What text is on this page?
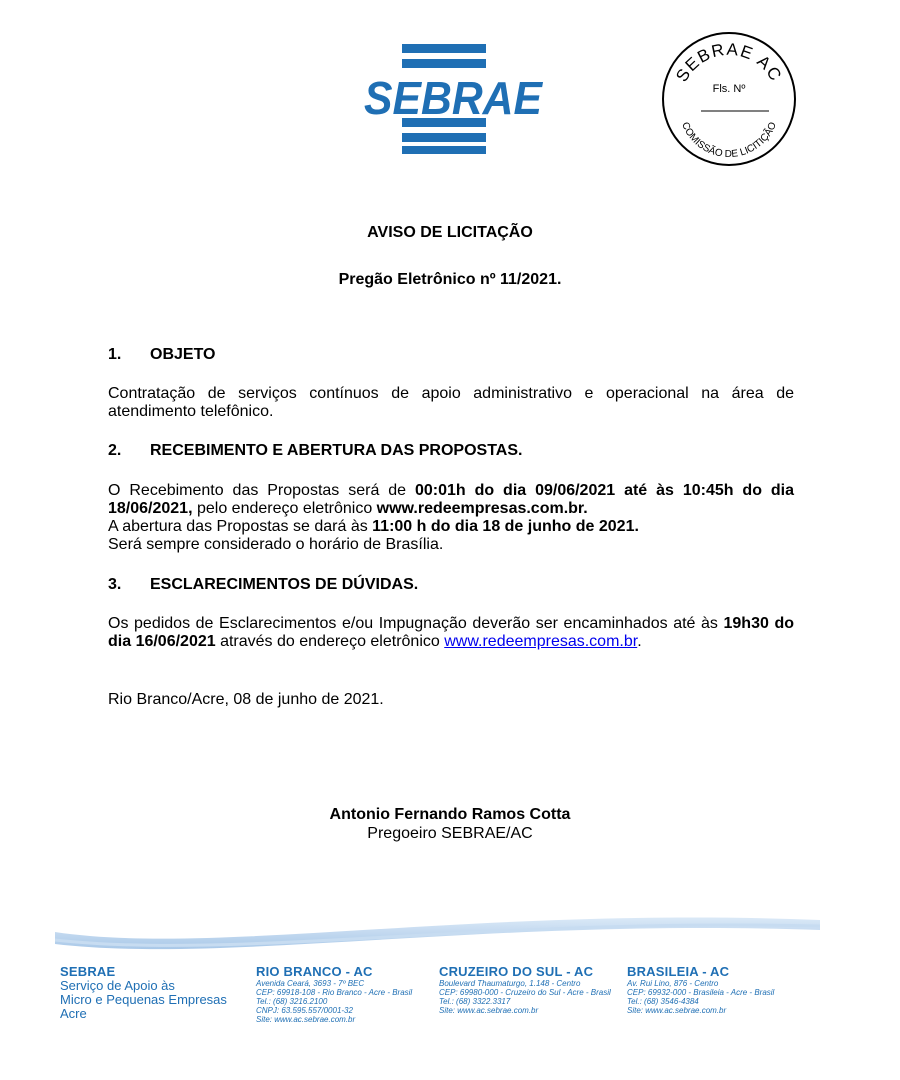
SEBRAE	SEBRAE AC
Fls. Nº
COMISSÃO DE LICITIÇÃO
AVISO DE LICITAÇÃO
Pregão Eletrônico nº 11/2021.
1. OBJETO
Contratação de serviços contínuos de apoio administrativo e operacional na área de atendimento telefônico.
2. RECEBIMENTO E ABERTURA DAS PROPOSTAS.
O Recebimento das Propostas será de 00:01h do dia 09/06/2021 até às 10:45h do dia 18/06/2021, pelo endereço eletrônico www.redeempresas.com.br.
A abertura das Propostas se dará às 11:00 h do dia 18 de junho de 2021.
Será sempre considerado o horário de Brasília.
3. ESCLARECIMENTOS DE DÚVIDAS.
Os pedidos de Esclarecimentos e/ou Impugnação deverão ser encaminhados até às 19h30 do dia 16/06/2021 através do endereço eletrônico www.redeempresas.com.br.
Rio Branco/Acre, 08 de junho de 2021.
Antonio Fernando Ramos Cotta
Pregoeiro SEBRAE/AC
SEBRAE
Serviço de Apoio às
Micro e Pequenas Empresas
Acre
RIO BRANCO - AC
Avenida Ceará, 3693 - 7º BEC
CEP: 69918-108 - Rio Branco - Acre - Brasil
Tel.: (68) 3216.2100
CNPJ: 63.595.557/0001-32
Site: www.ac.sebrae.com.br
CRUZEIRO DO SUL - AC
Boulevard Thaumaturgo, 1.148 - Centro
CEP: 69980-000 - Cruzeiro do Sul - Acre - Brasil
Tel.: (68) 3322.3317
Site: www.ac.sebrae.com.br
BRASILEIA - AC
Av. Rui Lino, 876 - Centro
CEP: 69932-000 - Brasileia - Acre - Brasil
Tel.: (68) 3546-4384
Site: www.ac.sebrae.com.br
